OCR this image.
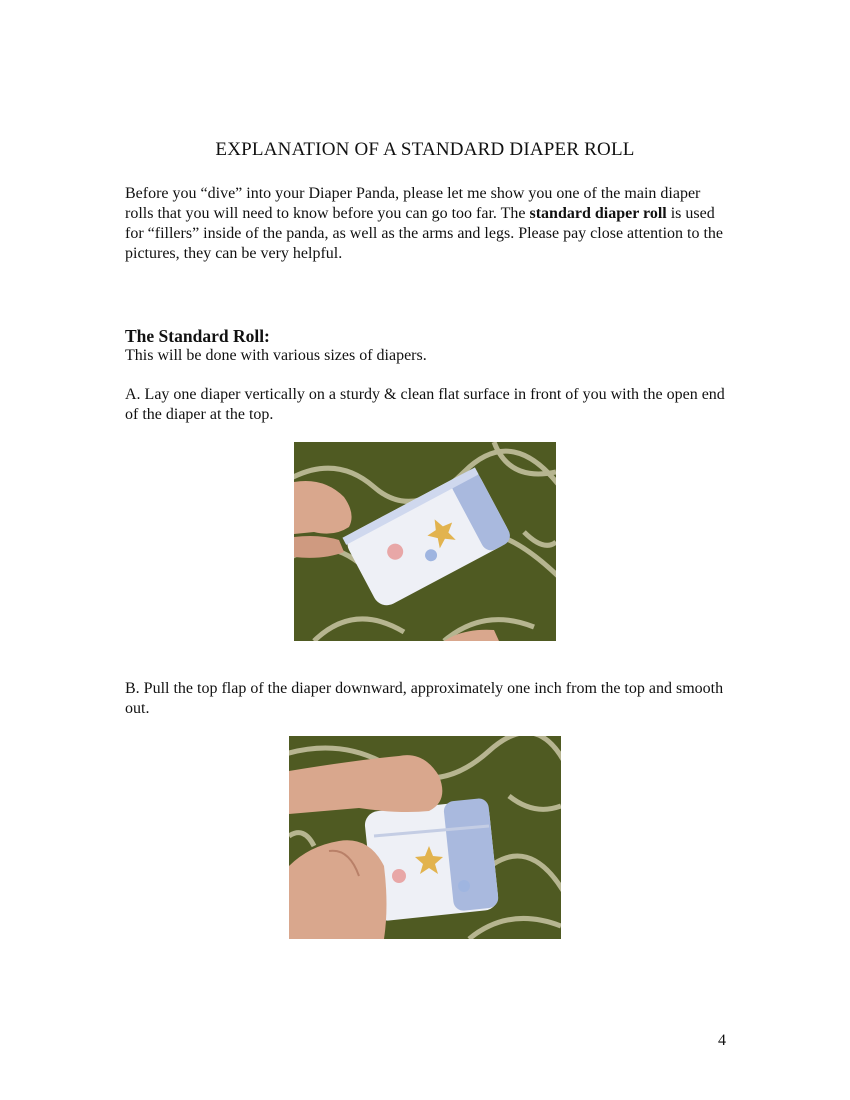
EXPLANATION OF A STANDARD DIAPER ROLL

Before you “dive” into your Diaper Panda, please let me show you one of the main diaper rolls that you will need to know before you can go too far. The standard diaper roll is used for “fillers” inside of the panda, as well as the arms and legs. Please pay close attention to the pictures, they can be very helpful.

The Standard Roll:

This will be done with various sizes of diapers.

A. Lay one diaper vertically on a sturdy & clean flat surface in front of you with the open end of the diaper at the top.

B. Pull the top flap of the diaper downward, approximately one inch from the top and smooth out.

4
